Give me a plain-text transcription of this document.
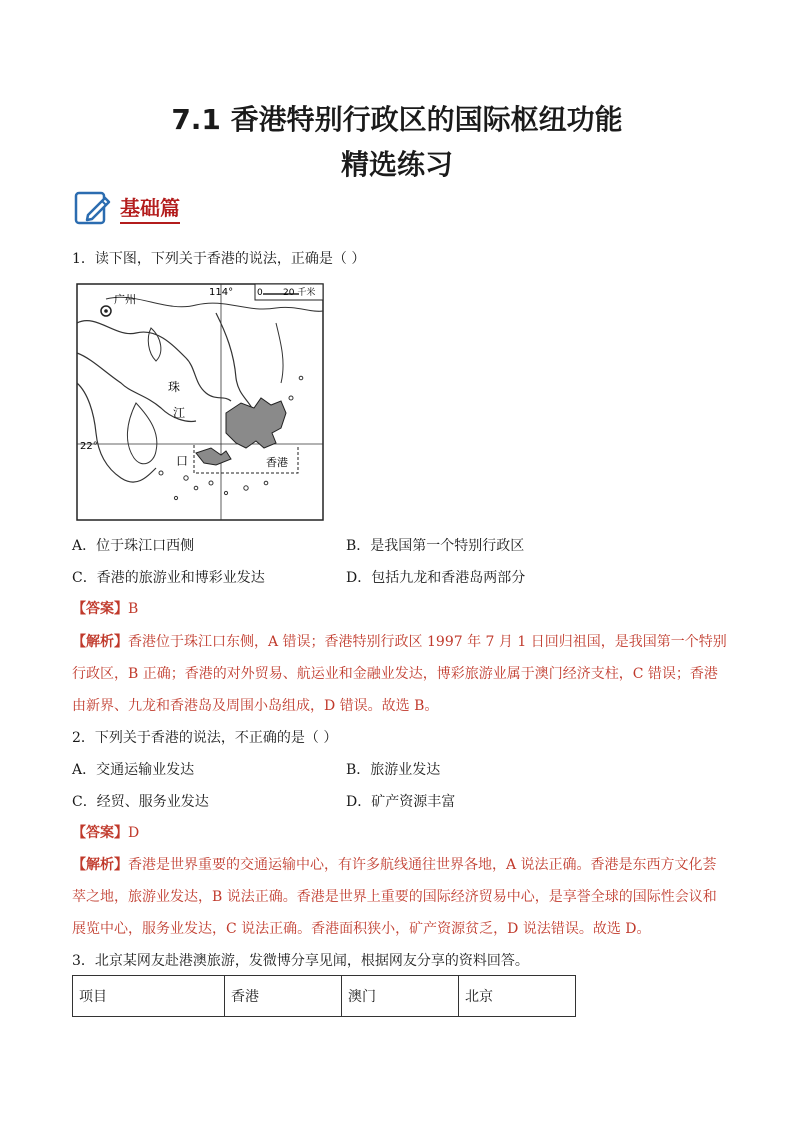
7.1 香港特别行政区的国际枢纽功能
精选练习
基础篇
1．读下图，下列关于香港的说法，正确是（ ）
广州
114°	0 20 千米
珠
江
口
22°
香港
A．位于珠江口西侧	B．是我国第一个特别行政区
C．香港的旅游业和博彩业发达	D．包括九龙和香港岛两部分
【答案】B
【解析】香港位于珠江口东侧，A 错误；香港特别行政区 1997 年 7 月 1 日回归祖国，是我国第一个特别
行政区，B 正确；香港的对外贸易、航运业和金融业发达，博彩旅游业属于澳门经济支柱，C 错误；香港
由新界、九龙和香港岛及周围小岛组成，D 错误。故选 B。
2．下列关于香港的说法，不正确的是（ ）
A．交通运输业发达	B．旅游业发达
C．经贸、服务业发达	D．矿产资源丰富
【答案】D
【解析】香港是世界重要的交通运输中心，有许多航线通往世界各地，A 说法正确。香港是东西方文化荟
萃之地，旅游业发达，B 说法正确。香港是世界上重要的国际经济贸易中心，是享誉全球的国际性会议和
展览中心，服务业发达，C 说法正确。香港面积狭小，矿产资源贫乏，D 说法错误。故选 D。
3．北京某网友赴港澳旅游，发微博分享见闻，根据网友分享的资料回答。
项目	香港	澳门	北京
